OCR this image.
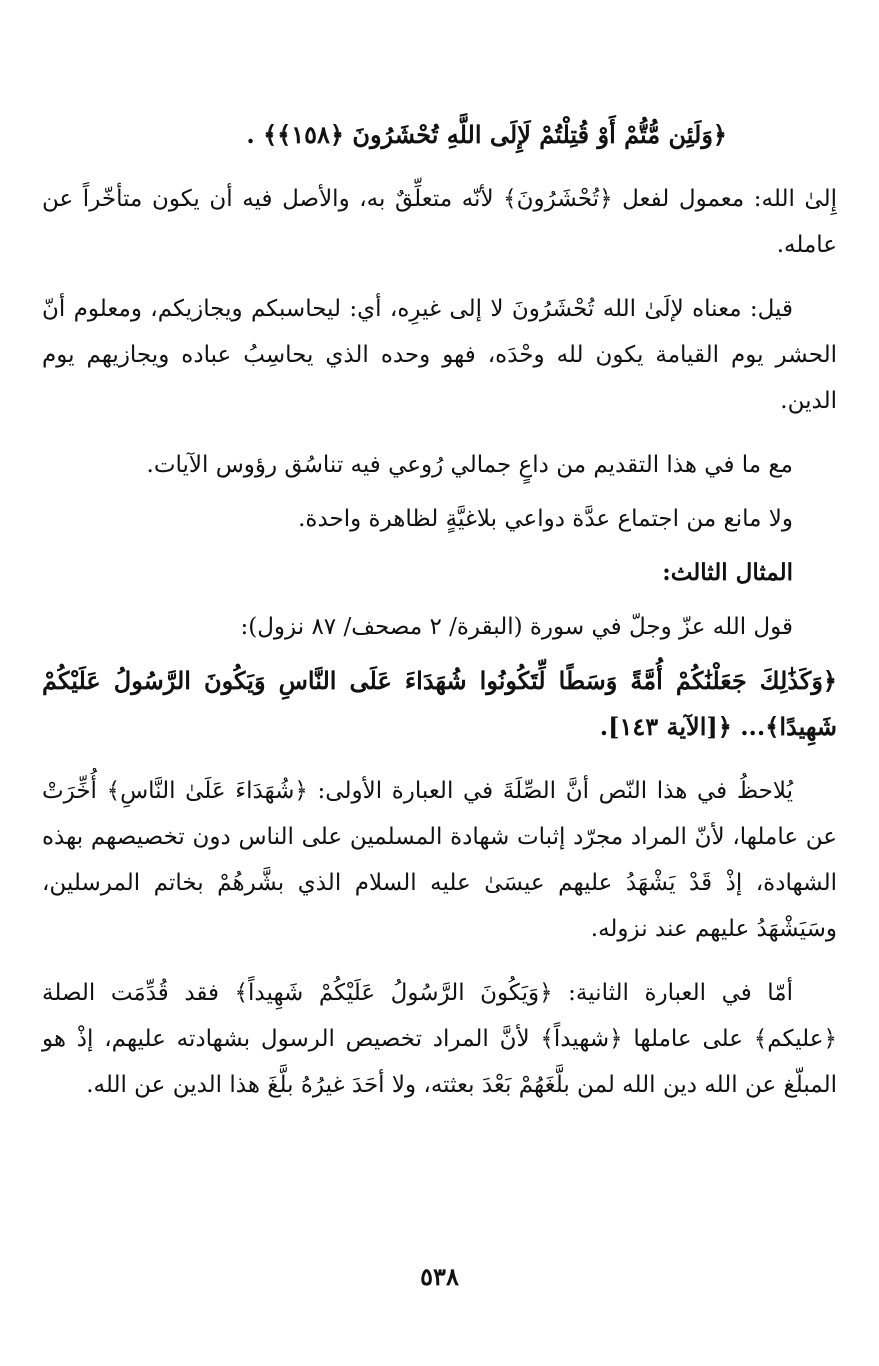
﴿وَلَئِن مُّتُّمْ أَوْ قُتِلْتُمْ لَإِلَى اللَّهِ تُحْشَرُونَ ﴿١٥٨﴾﴾ .

إِلىٰ الله: معمول لفعل ﴿تُحْشَرُونَ﴾ لأنّه متعلِّقٌ به، والأصل فيه أن يكون متأخّراً عن عامله.

قيل: معناه لإلَىٰ الله تُحْشَرُونَ لا إلى غيرِه، أي: ليحاسبكم ويجازيكم، ومعلوم أنّ الحشر يوم القيامة يكون لله وحْدَه، فهو وحده الذي يحاسِبُ عباده ويجازيهم يوم الدين.

مع ما في هذا التقديم من داعٍ جمالي رُوعي فيه تناسُق رؤوس الآيات.

ولا مانع من اجتماع عدَّة دواعي بلاغيَّةٍ لظاهرة واحدة.

المثال الثالث:

قول الله عزّ وجلّ في سورة (البقرة/ ٢ مصحف/ ٨٧ نزول):

﴿وَكَذَٰلِكَ جَعَلْنَٰكُمْ أُمَّةً وَسَطًا لِّتَكُونُوا شُهَدَاءَ عَلَى النَّاسِ وَيَكُونَ الرَّسُولُ عَلَيْكُمْ شَهِيدًا﴾... ﴿[الآية ١٤٣].

يُلاحظُ في هذا النّص أنَّ الصِّلَةَ في العبارة الأولى: ﴿شُهَدَاءَ عَلَىٰ النَّاسِ﴾ أُخِّرَتْ عن عاملها، لأنّ المراد مجرّد إثبات شهادة المسلمين على الناس دون تخصيصهم بهذه الشهادة، إذْ قَدْ يَشْهَدُ عليهم عيسَىٰ عليه السلام الذي بشَّرهُمْ بخاتم المرسلين، وسَيَشْهَدُ عليهم عند نزوله.

أمّا في العبارة الثانية: ﴿وَيَكُونَ الرَّسُولُ عَلَيْكُمْ شَهِيداً﴾ فقد قُدِّمَت الصلة ﴿عليكم﴾ على عاملها ﴿شهيداً﴾ لأنَّ المراد تخصيص الرسول بشهادته عليهم، إذْ هو المبلّغ عن الله دين الله لمن بلَّغَهُمْ بَعْدَ بعثته، ولا أحَدَ غيرُهُ بلَّغَ هذا الدين عن الله.

٥٣٨
